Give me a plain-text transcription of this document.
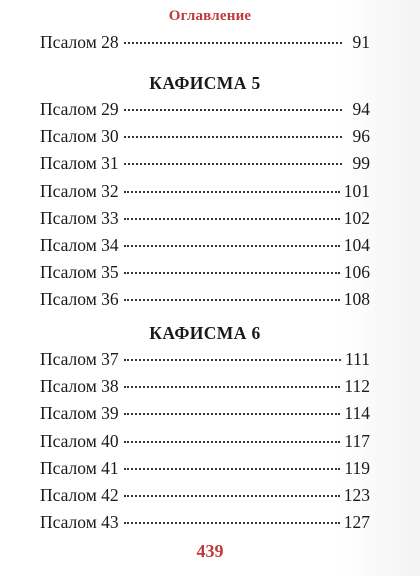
Оглавление
Псалом 28	91
КАФИСМА 5
Псалом 29	94
Псалом 30	96
Псалом 31	99
Псалом 32	101
Псалом 33	102
Псалом 34	104
Псалом 35	106
Псалом 36	108
КАФИСМА 6
Псалом 37	111
Псалом 38	112
Псалом 39	114
Псалом 40	117
Псалом 41	119
Псалом 42	123
Псалом 43	127
439
